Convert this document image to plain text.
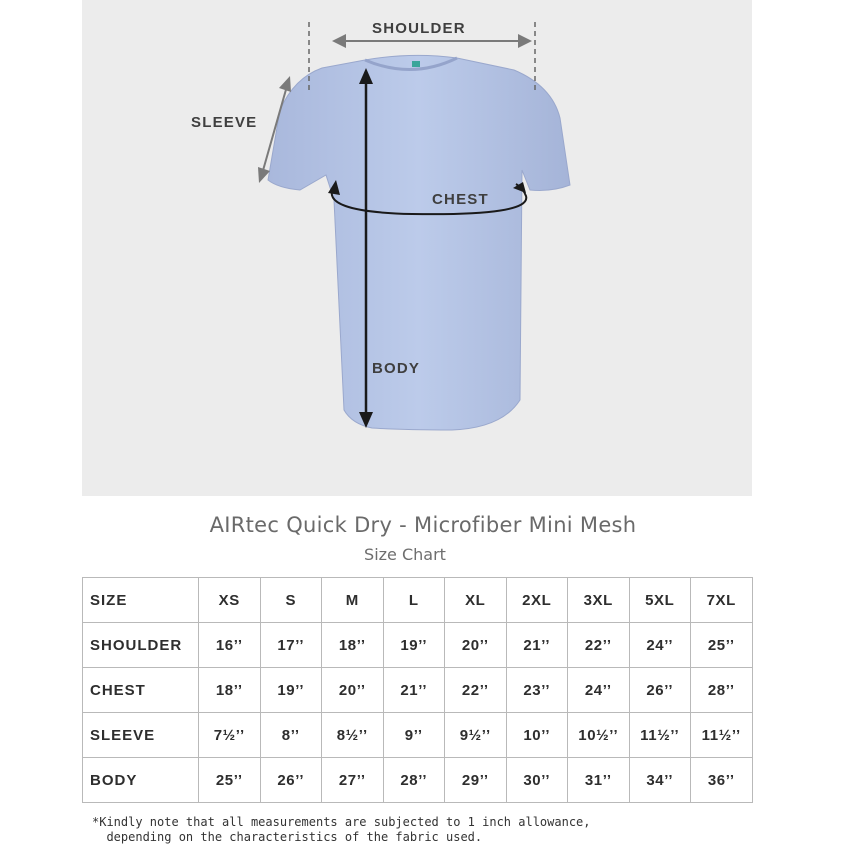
SHOULDER
SLEEVE
CHEST
BODY
AIRtec Quick Dry - Microfiber Mini Mesh
Size Chart
SIZE	XS	S	M	L	XL	2XL	3XL	5XL	7XL
SHOULDER	16’’	17’’	18’’	19’’	20’’	21’’	22’’	24’’	25’’
CHEST	18’’	19’’	20’’	21’’	22’’	23’’	24’’	26’’	28’’
SLEEVE	7½’’	8’’	8½’’	9’’	9½’’	10’’	10½’’	11½’’	11½’’
BODY	25’’	26’’	27’’	28’’	29’’	30’’	31’’	34’’	36’’
*Kindly note that all measurements are subjected to 1 inch allowance,
depending on the characteristics of the fabric used.
